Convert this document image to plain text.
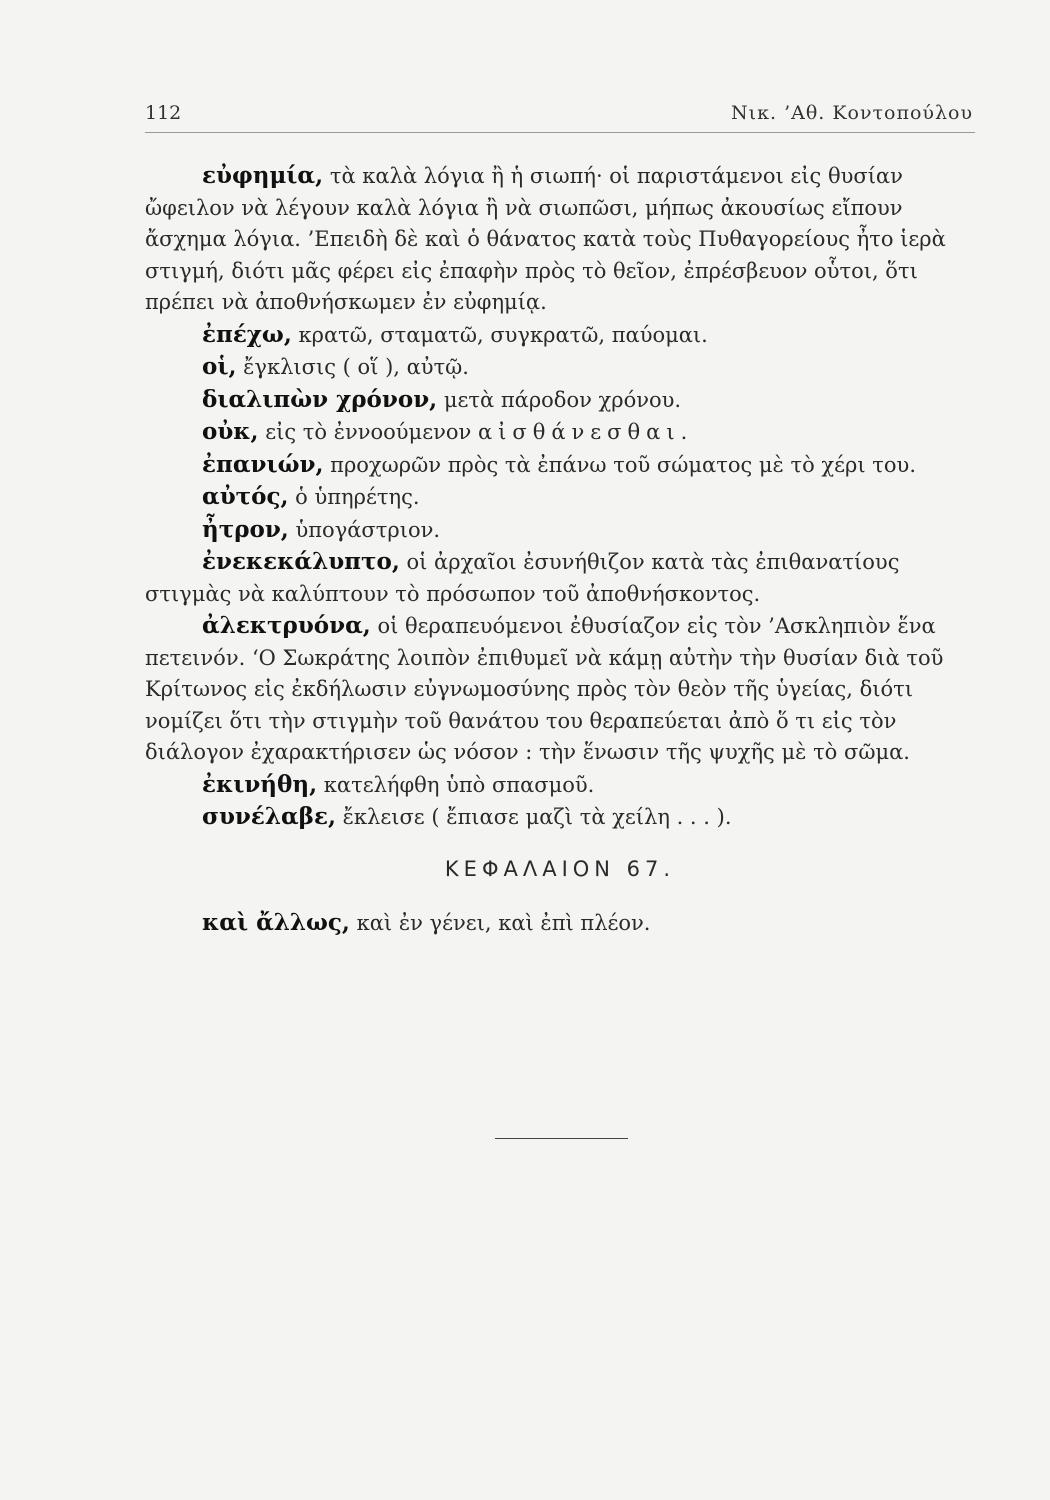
112	Νικ. ’Αθ. Κοντοπούλου

εὐφημία, τὰ καλὰ λόγια ἢ ἡ σιωπή· οἱ παριστάμενοι εἰς θυσίαν ὤφειλον νὰ λέγουν καλὰ λόγια ἢ νὰ σιωπῶσι, μήπως ἀκουσίως εἴπουν ἄσχημα λόγια. ’Επειδὴ δὲ καὶ ὁ θάνατος κατὰ τοὺς Πυθαγορείους ἦτο ἱερὰ στιγμή, διότι μᾶς φέρει εἰς ἐπαφὴν πρὸς τὸ θεῖον, ἐπρέσβευον οὗτοι, ὅτι πρέπει νὰ ἀποθνήσκωμεν ἐν εὐφημίᾳ.

ἐπέχω, κρατῶ, σταματῶ, συγκρατῶ, παύομαι.

οἱ, ἔγκλισις ( οἵ ), αὐτῷ.

διαλιπὼν χρόνον, μετὰ πάροδον χρόνου.

οὐκ, εἰς τὸ ἐννοούμενον αἰσθάνεσθαι.

ἐπανιών, προχωρῶν πρὸς τὰ ἐπάνω τοῦ σώματος μὲ τὸ χέρι του.

αὐτός, ὁ ὑπηρέτης.

ἦτρον, ὑπογάστριον.

ἐνεκεκάλυπτο, οἱ ἀρχαῖοι ἐσυνήθιζον κατὰ τὰς ἐπιθανατίους στιγμὰς νὰ καλύπτουν τὸ πρόσωπον τοῦ ἀποθνήσκοντος.

ἀλεκτρυόνα, οἱ θεραπευόμενοι ἐθυσίαζον εἰς τὸν ’Ασκληπιὸν ἕνα πετεινόν. ‘Ο Σωκράτης λοιπὸν ἐπιθυμεῖ νὰ κάμῃ αὐτὴν τὴν θυσίαν διὰ τοῦ Κρίτωνος εἰς ἐκδήλωσιν εὐγνωμοσύνης πρὸς τὸν θεὸν τῆς ὑγείας, διότι νομίζει ὅτι τὴν στιγμὴν τοῦ θανάτου του θεραπεύεται ἀπὸ ὅ τι εἰς τὸν διάλογον ἐχαρακτήρισεν ὡς νόσον : τὴν ἕνωσιν τῆς ψυχῆς μὲ τὸ σῶμα.

ἐκινήθη, κατελήφθη ὑπὸ σπασμοῦ.

συνέλαβε, ἔκλεισε ( ἔπιασε μαζὶ τὰ χείλη . . . ).

ΚΕΦΑΛΑΙΟΝ 67.

καὶ ἄλλως, καὶ ἐν γένει, καὶ ἐπὶ πλέον.
